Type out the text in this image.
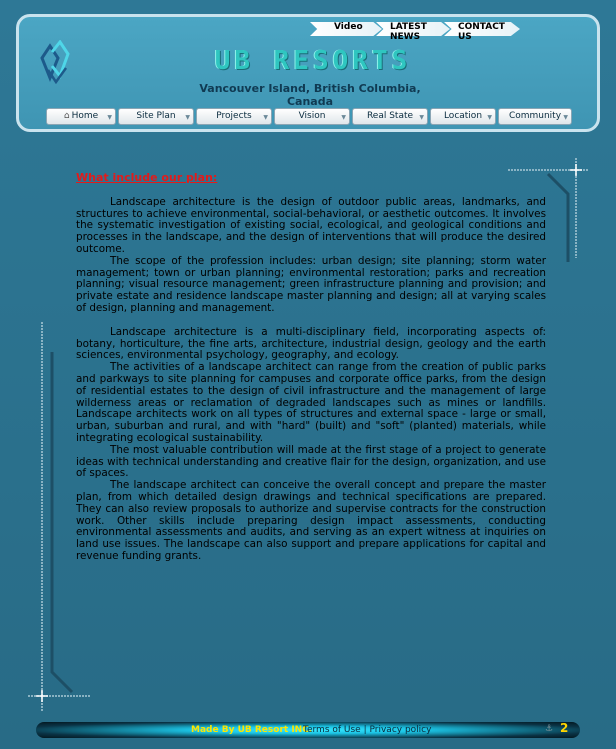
Video	LATEST NEWS
CONTACT US
UB RESORTS
Vancouver Island, British Columbia, Canada
⌂ Home ▼	Site Plan ▼	Projects ▼	Vision	▼	Real State ▼	Location ▼	Community ▼
What include our plan:

Landscape architecture is the design of outdoor public areas, landmarks, and structures to achieve environmental, social-behavioral, or aesthetic outcomes. It involves the systematic investigation of existing social, ecological, and geological conditions and processes in the landscape, and the design of interventions that will produce the desired outcome.

The scope of the profession includes: urban design; site planning; storm water management; town or urban planning; environmental restoration; parks and recreation planning; visual resource management; green infrastructure planning and provision; and private estate and residence landscape master planning and design; all at varying scales of design, planning and management.

Landscape architecture is a multi-disciplinary field, incorporating aspects of: botany, horticulture, the fine arts, architecture, industrial design, geology and the earth sciences, environmental psychology, geography, and ecology.

The activities of a landscape architect can range from the creation of public parks and parkways to site planning for campuses and corporate office parks, from the design of residential estates to the design of civil infrastructure and the management of large wilderness areas or reclamation of degraded landscapes such as mines or landfills. Landscape architects work on all types of structures and external space - large or small, urban, suburban and rural, and with "hard" (built) and "soft" (planted) materials, while integrating ecological sustainability.

The most valuable contribution will made at the first stage of a project to generate ideas with technical understanding and creative flair for the design, organization, and use of spaces.

The landscape architect can conceive the overall concept and prepare the master plan, from which detailed design drawings and technical specifications are prepared. They can also review proposals to authorize and supervise contracts for the construction work. Other skills include preparing design impact assessments, conducting environmental assessments and audits, and serving as an expert witness at inquiries on land use issues. The landscape can also support and prepare applications for capital and revenue funding grants.

Made By UB Resort INC.
Terms of Use | Privacy policy	⚓ 2
